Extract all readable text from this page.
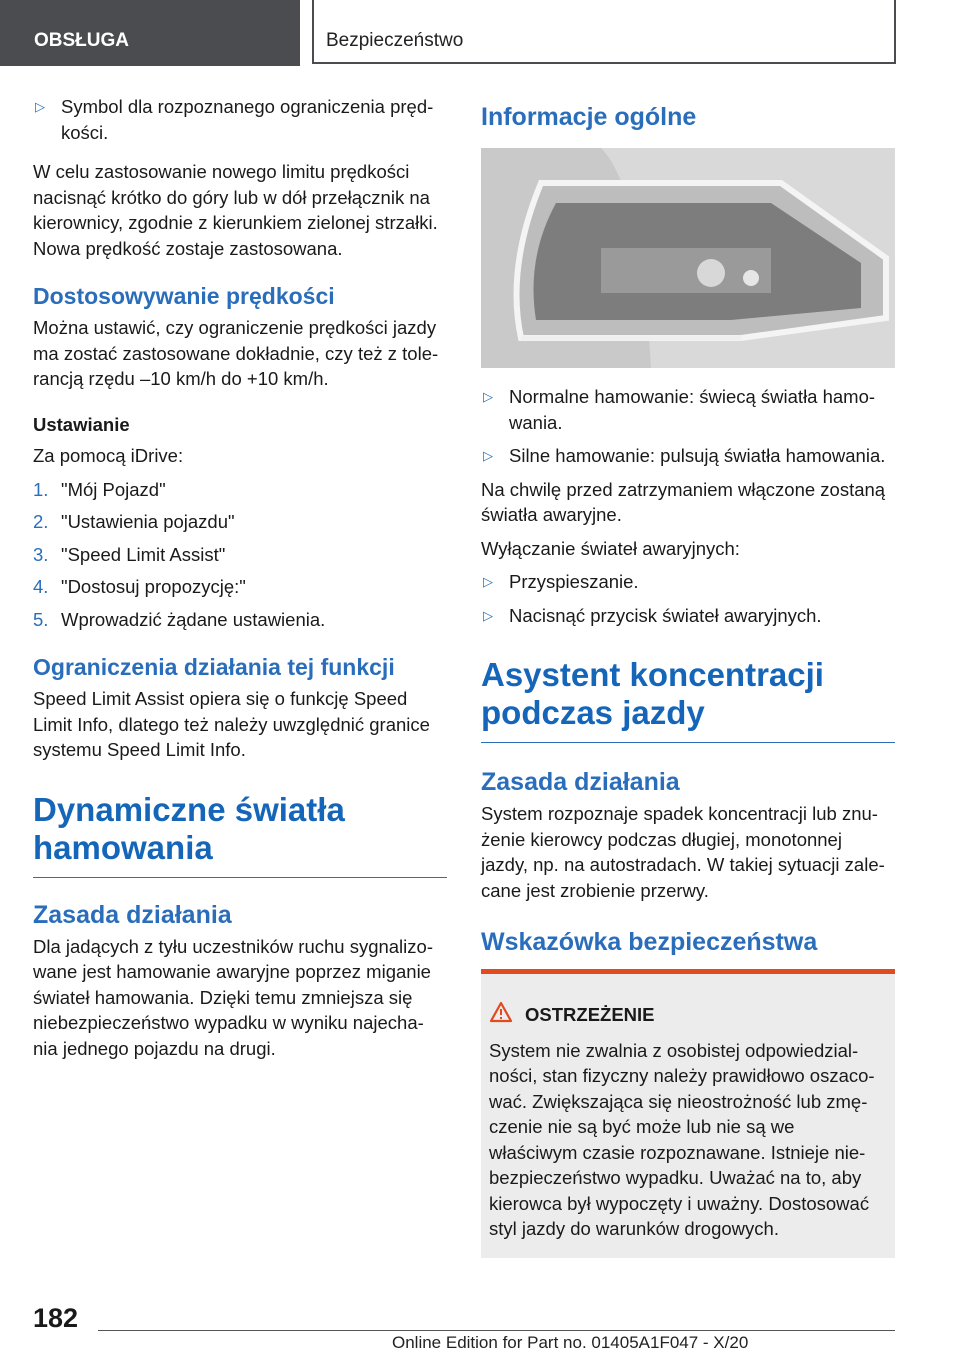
OBSŁUGA	Bezpieczeństwo
▷ Symbol dla rozpoznanego ograniczenia pręd-
kości.

W celu zastosowanie nowego limitu prędkości
nacisnąć krótko do góry lub w dół przełącznik na
kierownicy, zgodnie z kierunkiem zielonej strzałki.
Nowa prędkość zostaje zastosowana.

Dostosowywanie prędkości

Można ustawić, czy ograniczenie prędkości jazdy
ma zostać zastosowane dokładnie, czy też z tole-
rancją rzędu –10 km/h do +10 km/h.

Ustawianie

Za pomocą iDrive:

1. "Mój Pojazd"
2. "Ustawienia pojazdu"
3. "Speed Limit Assist"
4. "Dostosuj propozycję:"
5. Wprowadzić żądane ustawienia.
Ograniczenia działania tej funkcji

Speed Limit Assist opiera się o funkcję Speed
Limit Info, dlatego też należy uwzględnić granice
systemu Speed Limit Info.

Dynamiczne światła
hamowania
Zasada działania

Dla jadących z tyłu uczestników ruchu sygnalizo-
wane jest hamowanie awaryjne poprzez miganie
świateł hamowania. Dzięki temu zmniejsza się
niebezpieczeństwo wypadku w wyniku najecha-
nia jednego pojazdu na drugi.

Informacje ogólne
▷ Normalne hamowanie: świecą światła hamo-
wania.
▷ Silne hamowanie: pulsują światła hamowania.

Na chwilę przed zatrzymaniem włączone zostaną
światła awaryjne.

Wyłączanie świateł awaryjnych:

▷ Przyspieszanie.
▷ Nacisnąć przycisk świateł awaryjnych.
Asystent koncentracji
podczas jazdy
Zasada działania

System rozpoznaje spadek koncentracji lub znu-
żenie kierowcy podczas długiej, monotonnej
jazdy, np. na autostradach. W takiej sytuacji zale-
cane jest zrobienie przerwy.

Wskazówka bezpieczeństwa
OSTRZEŻENIE

System nie zwalnia z osobistej odpowiedzial-
ności, stan fizyczny należy prawidłowo oszaco-
wać. Zwiększająca się nieostrożność lub zmę-
czenie nie są być może lub nie są we
właściwym czasie rozpoznawane. Istnieje nie-
bezpieczeństwo wypadku. Uważać na to, aby
kierowca był wypoczęty i uważny. Dostosować
styl jazdy do warunków drogowych.

182
Online Edition for Part no. 01405A1F047 - X/20
